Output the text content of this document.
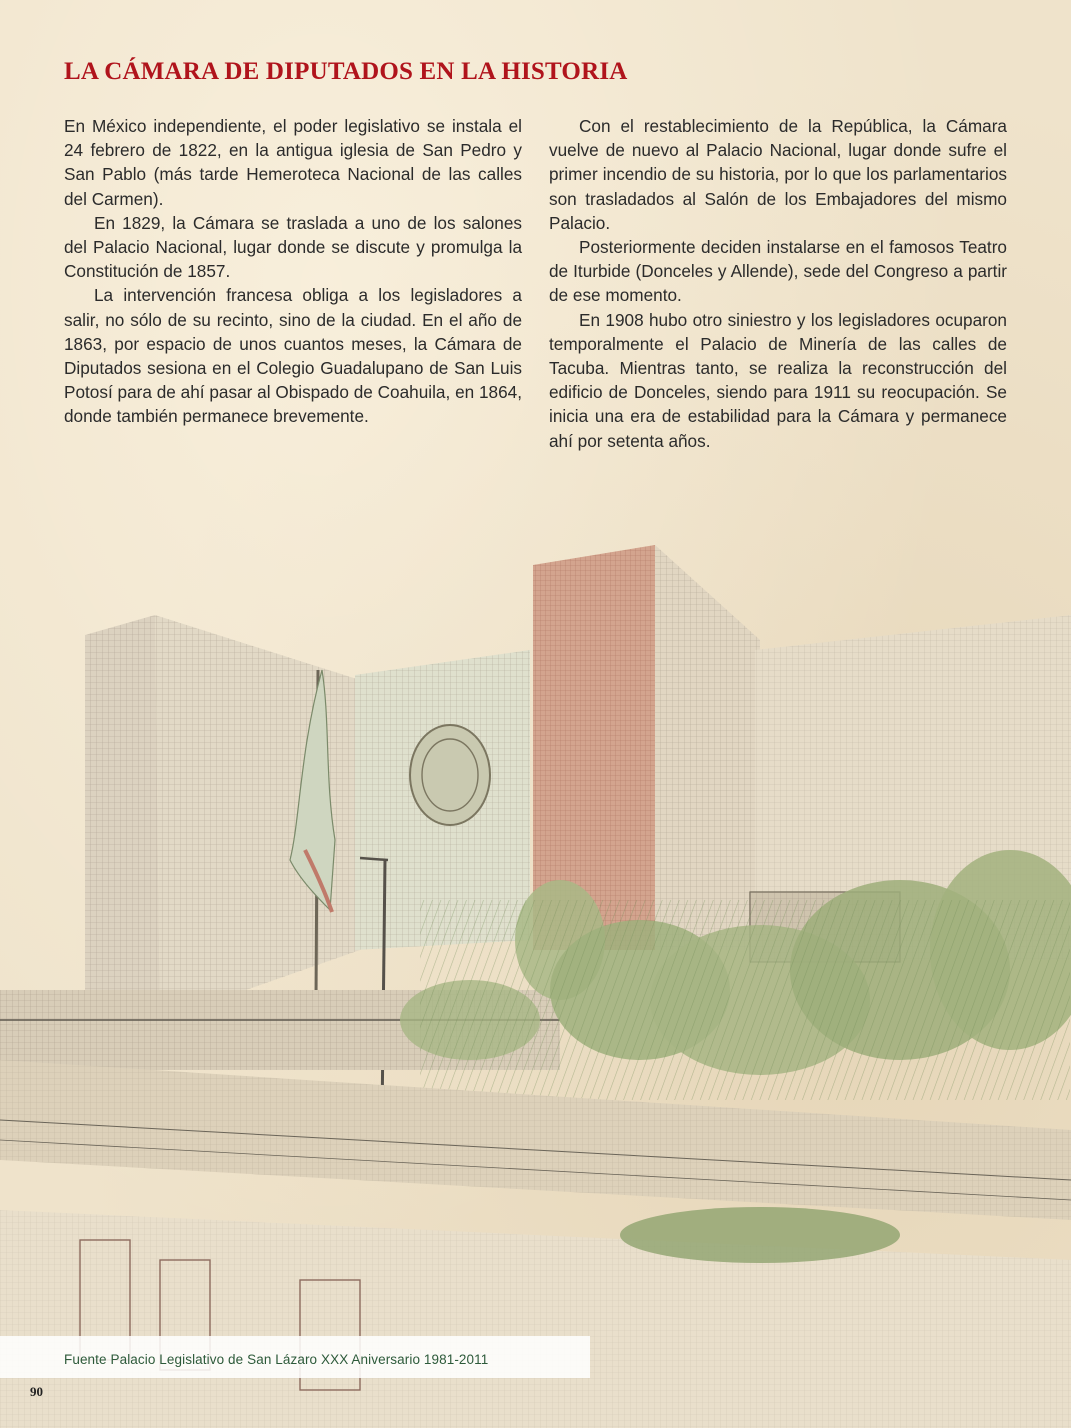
LA CÁMARA DE DIPUTADOS EN LA HISTORIA

En México independiente, el poder legislativo se instala el 24 febrero de 1822, en la antigua iglesia de San Pedro y San Pablo (más tarde Hemeroteca Nacional de las calles del Carmen).

En 1829, la Cámara se traslada a uno de los salones del Palacio Nacional, lugar donde se discute y promulga la Constitución de 1857.

La intervención francesa obliga a los legisladores a salir, no sólo de su recinto, sino de la ciudad. En el año de 1863, por espacio de unos cuantos meses, la Cámara de Diputados sesiona en el Colegio Guadalupano de San Luis Potosí para de ahí pasar al Obispado de Coahuila, en 1864, donde también permanece brevemente.

Con el restablecimiento de la República, la Cámara vuelve de nuevo al Palacio Nacional, lugar donde sufre el primer incendio de su historia, por lo que los parlamentarios son trasladados al Salón de los Embajadores del mismo Palacio.

Posteriormente deciden instalarse en el famosos Teatro de Iturbide (Donceles y Allende), sede del Congreso a partir de ese momento.

En 1908 hubo otro siniestro y los legisladores ocuparon temporalmente el Palacio de Minería de las calles de Tacuba. Mientras tanto, se realiza la reconstrucción del edificio de Donceles, siendo para 1911 su reocupación. Se inicia una era de estabilidad para la Cámara y permanece ahí por setenta años.

Fuente Palacio Legislativo de San Lázaro XXX Aniversario 1981-2011
90
